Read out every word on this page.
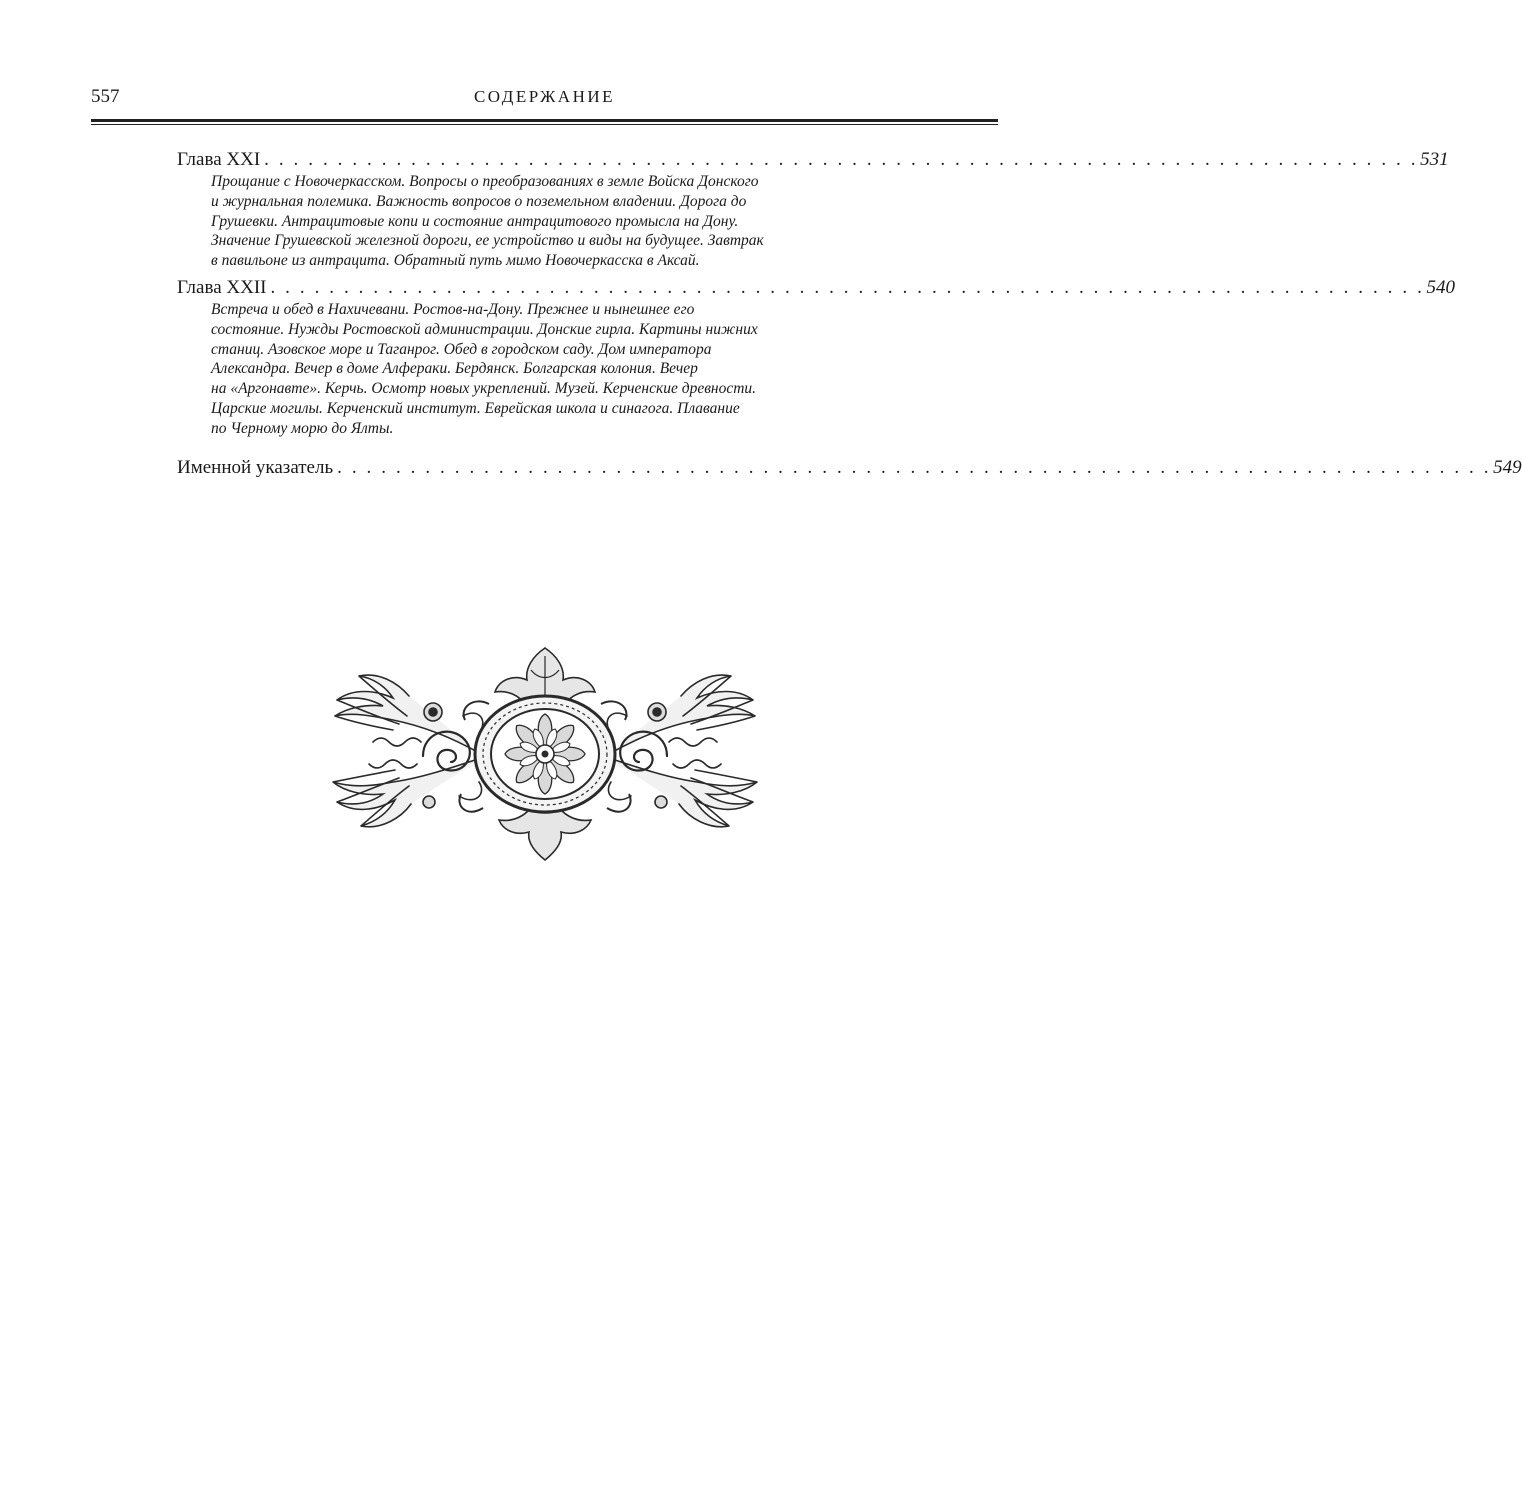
557	СОДЕРЖАНИЕ
Глава XXI . . . . . . . . . . . . . . . . . . . . . . . . . . . . . . . . . . . . . . . . . . . . . . . . . . . . . . . . . . . . . . . . . . . . . . . . . . . . . . . 531
Прощание с Новочеркасском. Вопросы о преобразованиях в земле Войска Донского
и журнальная полемика. Важность вопросов о поземельном владении. Дорога до
Грушевки. Антрацитовые копи и состояние антрацитового промысла на Дону.
Значение Грушевской железной дороги, ее устройство и виды на будущее. Завтрак
в павильоне из антрацита. Обратный путь мимо Новочеркасска в Аксай.
Глава XXII . . . . . . . . . . . . . . . . . . . . . . . . . . . . . . . . . . . . . . . . . . . . . . . . . . . . . . . . . . . . . . . . . . . . . . . . . . . . . . . 540
Встреча и обед в Нахичевани. Ростов-на-Дону. Прежнее и нынешнее его
состояние. Нужды Ростовской администрации. Донские гирла. Картины нижних
станиц. Азовское море и Таганрог. Обед в городском саду. Дом императора
Александра. Вечер в доме Алфераки. Бердянск. Болгарская колония. Вечер
на «Аргонавте». Керчь. Осмотр новых укреплений. Музей. Керченские древности.
Царские могилы. Керченский институт. Еврейская школа и синагога. Плавание
по Черному морю до Ялты.
Именной указатель . . . . . . . . . . . . . . . . . . . . . . . . . . . . . . . . . . . . . . . . . . . . . . . . . . . . . . . . . . . . . . . . . . . . . . . . . . . . . . . 549
